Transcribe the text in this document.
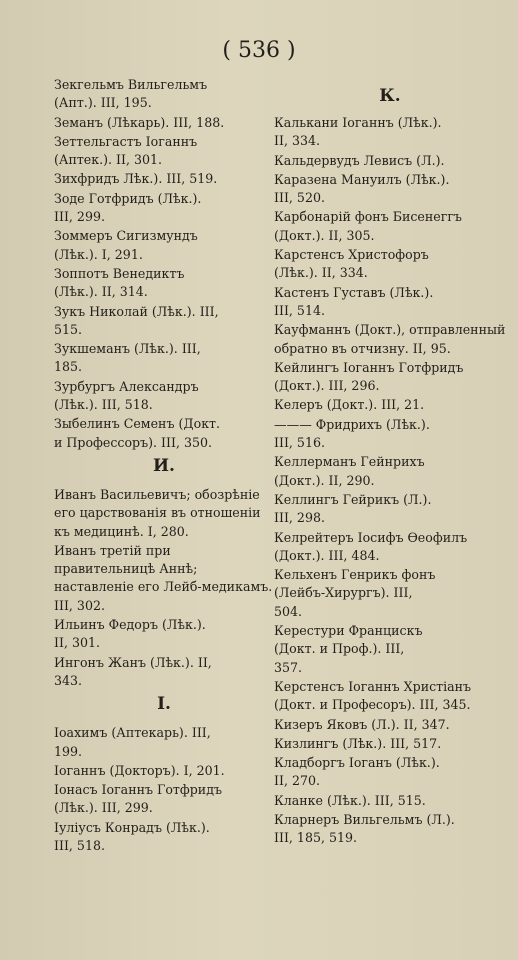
( 536 )

Зекгельмъ Вильгельмъ
(Апт.). III, 195.

Земанъ (Лѣкарь). III, 188.

Зеттельгастъ Iоганнъ
(Аптек.). II, 301.

Зихфридъ Лѣк.). III, 519.

Зоде Готфридъ (Лѣк.).
III, 299.

Зоммеръ Сигизмундъ
(Лѣк.). I, 291.

Зоппотъ Венедиктъ
(Лѣк.). II, 314.

Зукъ Николай (Лѣк.). III,
515.

Зукшеманъ (Лѣк.). III,
185.

Зурбургъ Александръ
(Лѣк.). III, 518.

Зыбелинъ Семенъ (Докт.
и Профессоръ). III, 350.

И.

Иванъ Васильевичъ; обозрѣніе его царствованія въ отношеніи къ медицинѣ. I, 280.

Иванъ третій при правительницѣ Аннѣ; наставленіе его Лейб-медикамъ. III, 302.

Ильинъ Федоръ (Лѣк.).
II, 301.

Ингонъ Жанъ (Лѣк.). II,
343.

I.

Iоахимъ (Аптекарь). III,
199.

Iоганнъ (Докторъ). I, 201.

Iонасъ Iоганнъ Готфридъ
(Лѣк.). III, 299.

Iулiусъ Конрадъ (Лѣк.).
III, 518.

К.

Калькани Iоганнъ (Лѣк.).
II, 334.

Кальдервудъ Левисъ (Л.).

Каразена Мануилъ (Лѣк.).
III, 520.

Карбонарій фонъ Бисенеггъ (Докт.). II, 305.

Карстенсъ Христофоръ
(Лѣк.). II, 334.

Кастенъ Густавъ (Лѣк.).
III, 514.

Кауфманнъ (Докт.), отправленный обратно въ отчизну. II, 95.

Кейлингъ Iоганнъ Готфридъ (Докт.). III, 296.

Келеръ (Докт.). III, 21.

——— Фридрихъ (Лѣк.).
III, 516.

Келлерманъ Гейнрихъ
(Докт.). II, 290.

Келлингъ Гейрикъ (Л.).
III, 298.

Келрейтеръ Iосифъ Ѳеофилъ (Докт.). III, 484.

Кельхенъ Генрикъ фонъ
(Лейбъ-Хирургъ). III,
504.

Керестури Францискъ
(Докт. и Проф.). III,
357.

Керстенсъ Iоганнъ Христіанъ (Докт. и Професоръ). III, 345.

Кизеръ Яковъ (Л.). II, 347.

Кизлингъ (Лѣк.). III, 517.

Кладборгъ Iоганъ (Лѣк.).
II, 270.

Кланке (Лѣк.). III, 515.

Кларнеръ Вильгельмъ (Л.).
III, 185, 519.
